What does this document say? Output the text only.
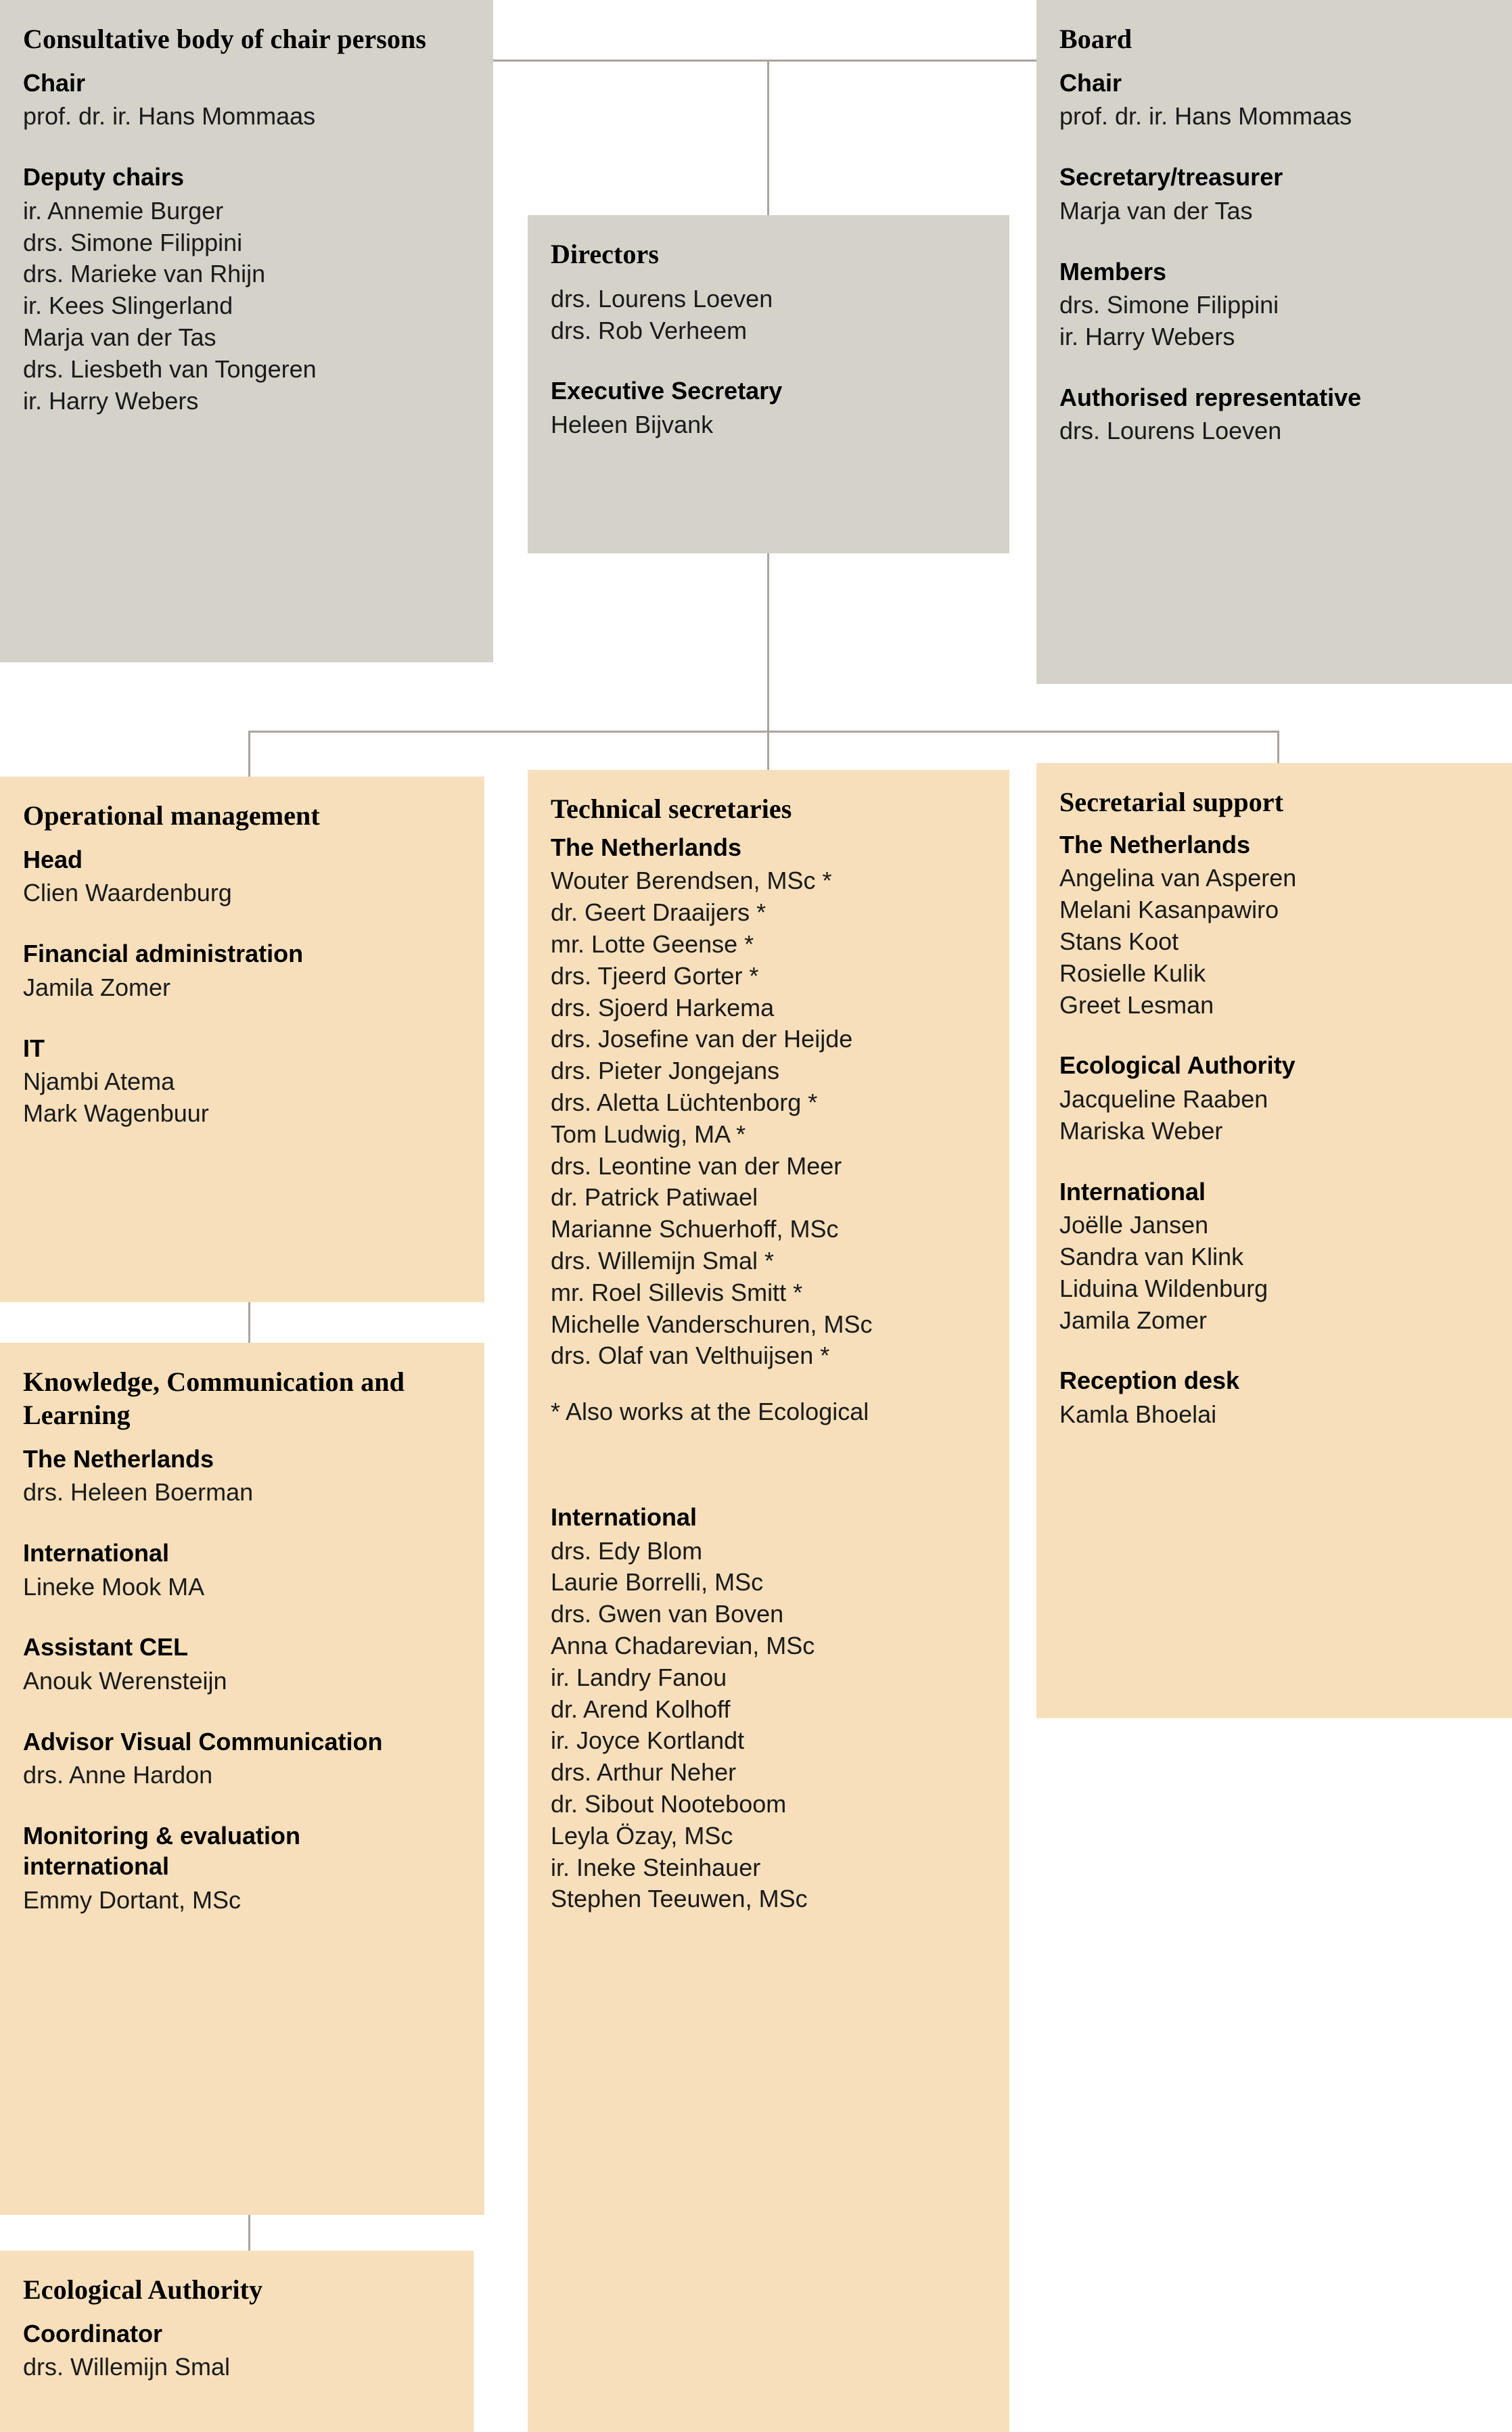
Consultative body of chair persons
Chair

prof. dr. ir. Hans Mommaas

Deputy chairs

ir. Annemie Burger

drs. Simone Filippini

drs. Marieke van Rhijn

ir. Kees Slingerland

Marja van der Tas

drs. Liesbeth van Tongeren

ir. Harry Webers

Directors

drs. Lourens Loeven

drs. Rob Verheem

Executive Secretary

Heleen Bijvank

Board
Chair

prof. dr. ir. Hans Mommaas

Secretary/treasurer

Marja van der Tas

Members

drs. Simone Filippini

ir. Harry Webers

Authorised representative

drs. Lourens Loeven

Operational management
Head

Clien Waardenburg

Financial administration

Jamila Zomer

IT

Njambi Atema

Mark Wagenbuur

Knowledge, Communication and Learning
The Netherlands

drs. Heleen Boerman

International

Lineke Mook MA

Assistant CEL

Anouk Werensteijn

Advisor Visual Communication

drs. Anne Hardon

Monitoring & evaluation international

Emmy Dortant, MSc

Ecological Authority
Coordinator

drs. Willemijn Smal

Technical secretaries
The Netherlands

Wouter Berendsen, MSc *

dr. Geert Draaijers *

mr. Lotte Geense *

drs. Tjeerd Gorter *

drs. Sjoerd Harkema

drs. Josefine van der Heijde

drs. Pieter Jongejans

drs. Aletta Lüchtenborg *

Tom Ludwig, MA *

drs. Leontine van der Meer

dr. Patrick Patiwael

Marianne Schuerhoff, MSc

drs. Willemijn Smal *

mr. Roel Sillevis Smitt *

Michelle Vanderschuren, MSc

drs. Olaf van Velthuijsen *

* Also works at the Ecological

International

drs. Edy Blom

Laurie Borrelli, MSc

drs. Gwen van Boven

Anna Chadarevian, MSc

ir. Landry Fanou

dr. Arend Kolhoff

ir. Joyce Kortlandt

drs. Arthur Neher

dr. Sibout Nooteboom

Leyla Özay, MSc

ir. Ineke Steinhauer

Stephen Teeuwen, MSc

Secretarial support
The Netherlands

Angelina van Asperen

Melani Kasanpawiro

Stans Koot

Rosielle Kulik

Greet Lesman

Ecological Authority

Jacqueline Raaben

Mariska Weber

International

Joëlle Jansen

Sandra van Klink

Liduina Wildenburg

Jamila Zomer

Reception desk

Kamla Bhoelai
